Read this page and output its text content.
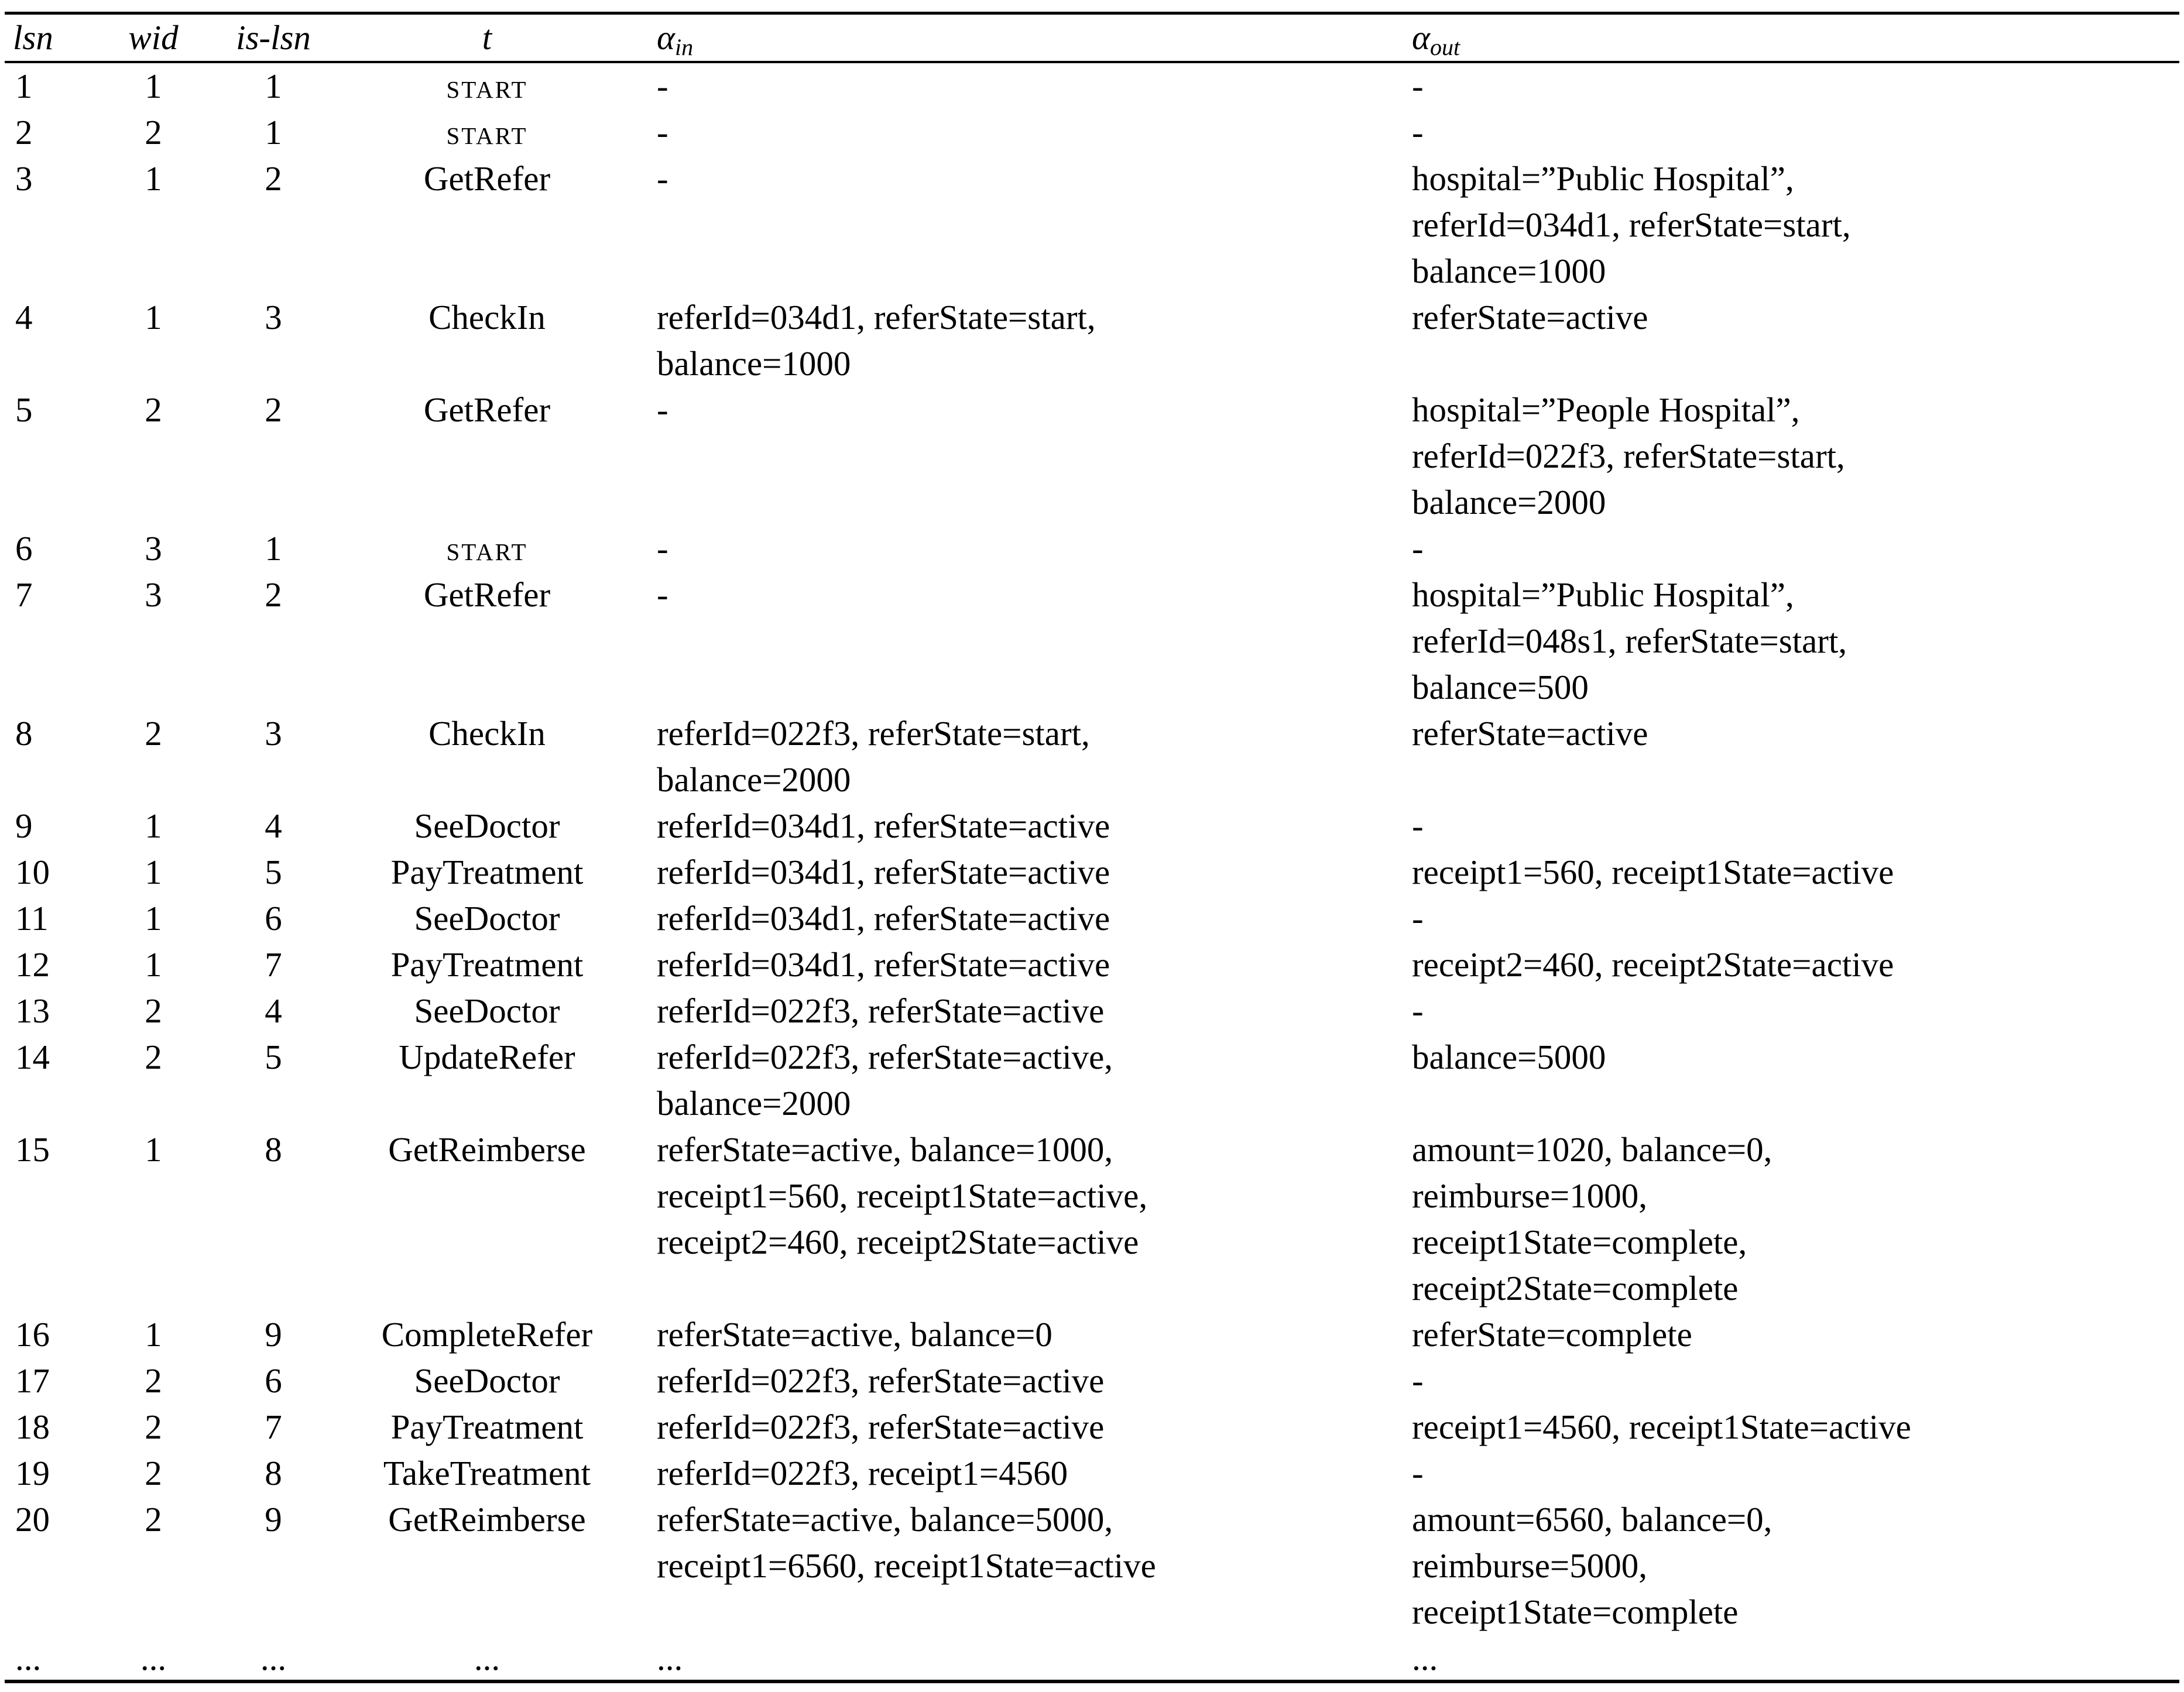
lsn	wid	is-lsn	t	$\alpha_{in}$	$\alpha_{out}$
1	1	1	start	-	-

2	2	1	start	-	-

3	1	2	GetRefer	-	hospital=”Public Hospital”,
referId=034d1, referState=start,
balance=1000

4	1	3	CheckIn	referId=034d1, referState=start,
balance=1000	referState=active

5	2	2	GetRefer	-	hospital=”People Hospital”,
referId=022f3, referState=start,
balance=2000

6	3	1	start	-	-

7	3	2	GetRefer	-	hospital=”Public Hospital”,
referId=048s1, referState=start,
balance=500

8	2	3	CheckIn	referId=022f3, referState=start,
balance=2000	referState=active

9	1	4	SeeDoctor	referId=034d1, referState=active	-

10	1	5	PayTreatment	referId=034d1, referState=active	receipt1=560, receipt1State=active

11	1	6	SeeDoctor	referId=034d1, referState=active	-

12	1	7	PayTreatment	referId=034d1, referState=active	receipt2=460, receipt2State=active

13	2	4	SeeDoctor	referId=022f3, referState=active	-

14	2	5	UpdateRefer	referId=022f3, referState=active,
balance=2000	balance=5000

15	1	8	GetReimberse	referState=active, balance=1000,
receipt1=560, receipt1State=active,
receipt2=460, receipt2State=active	amount=1020, balance=0,
reimburse=1000,
receipt1State=complete,
receipt2State=complete

16	1	9	CompleteRefer	referState=active, balance=0	referState=complete

17	2	6	SeeDoctor	referId=022f3, referState=active	-

18	2	7	PayTreatment	referId=022f3, referState=active	receipt1=4560, receipt1State=active

19	2	8	TakeTreatment	referId=022f3, receipt1=4560	-

20	2	9	GetReimberse	referState=active, balance=5000,
receipt1=6560, receipt1State=active	amount=6560, balance=0,
reimburse=5000,
receipt1State=complete

...	...	...	...	...	...
